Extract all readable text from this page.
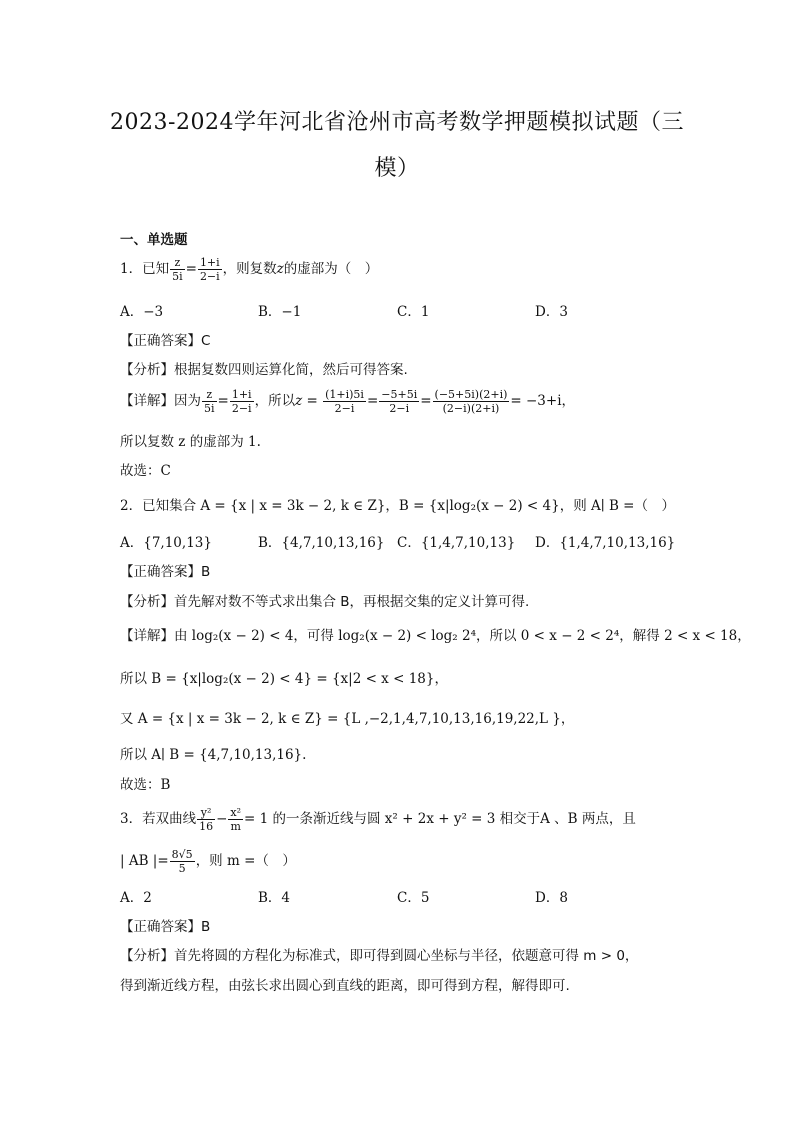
2023-2024学年河北省沧州市高考数学押题模拟试题（三
模）
一、单选题
1．已知 $\frac{z}{5i} = \frac{1+i}{2-i}$ ，则复数z的虚部为（　）
A．−3	B．−1	C．1	D．3
【正确答案】C
【分析】根据复数四则运算化简，然后可得答案.
【详解】因为 $\frac{z}{5i} = \frac{1+i}{2-i}$ ，所以$z = \frac{(1+i)5i}{2-i} = \frac{-5+5i}{2-i} = \frac{(-5+5i)(2+i)}{(2-i)(2+i)} = -3+i$，
所以复数 z 的虚部为 1.
故选：C
2．已知集合 A = {x | x = 3k − 2, k ∈ Z}，B = {x|log₂(x − 2) < 4}，则 A∣ B =（　）
A．{7,10,13}	B．{4,7,10,13,16} C．{1,4,7,10,13} D．{1,4,7,10,13,16}
【正确答案】B
【分析】首先解对数不等式求出集合 B，再根据交集的定义计算可得.
【详解】由 log₂(x − 2) < 4，可得 log₂(x − 2) < log₂ 2⁴，所以 0 < x − 2 < 2⁴，解得 2 < x < 18，
所以 B = {x|log₂(x − 2) < 4} = {x|2 < x < 18}，
又 A = {x | x = 3k − 2, k ∈ Z} = {L ,−2,1,4,7,10,13,16,19,22,L }，
所以 A∣ B = {4,7,10,13,16}.
故选：B
3．若双曲线 $\frac{\text{y²}}{16} - \frac{\text{x²}}{m} = 1$ 的一条渐近线与圆 x² + 2x + y² = 3 相交于A 、B 两点，且
| AB |= $\frac{8√5}{5}$ ，则 m =（　）
A．2	B．4	C．5	D．8
【正确答案】B
【分析】首先将圆的方程化为标准式，即可得到圆心坐标与半径，依题意可得 m > 0，
得到渐近线方程，由弦长求出圆心到直线的距离，即可得到方程，解得即可.
